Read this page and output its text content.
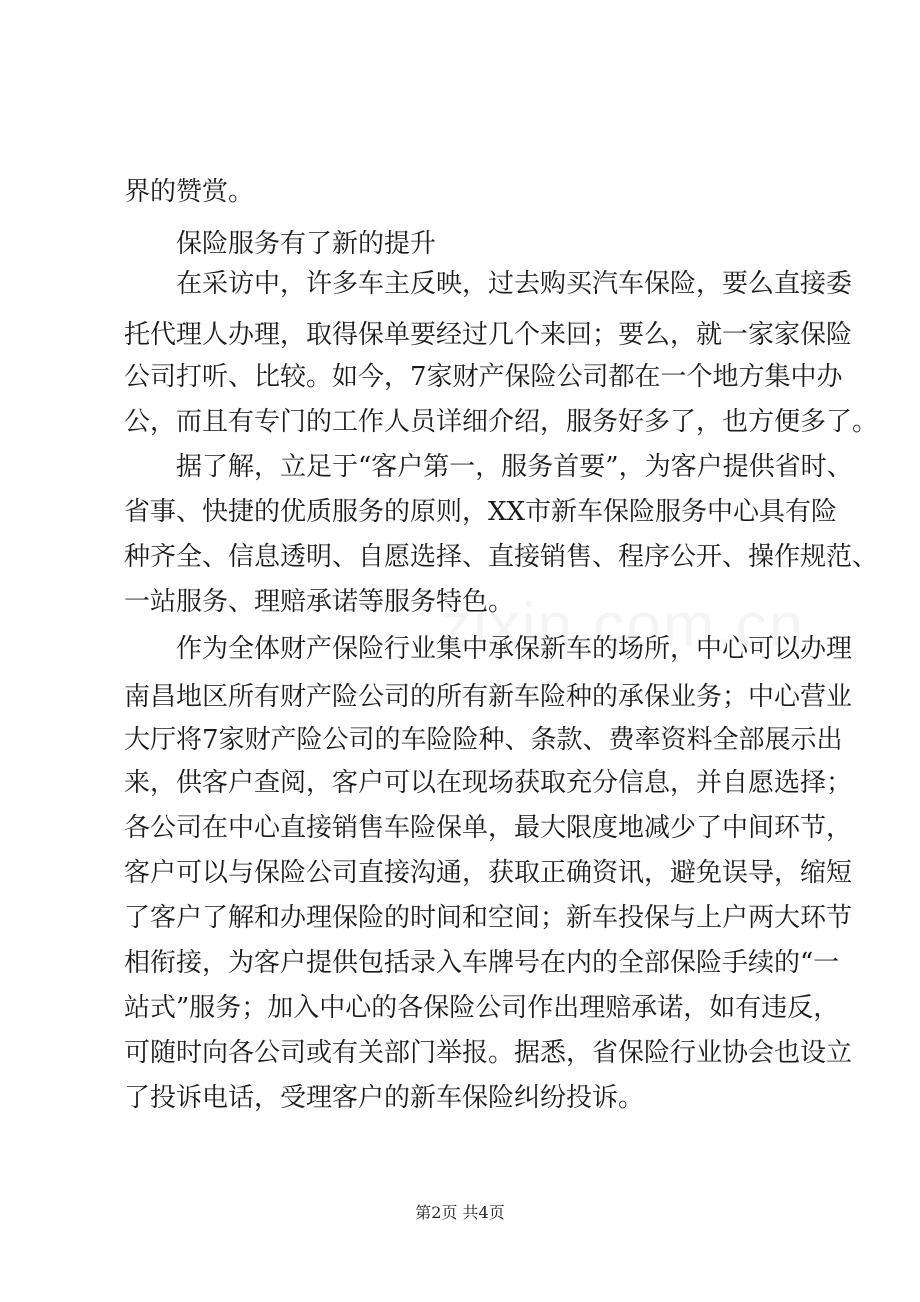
界的赞赏。
保险服务有了新的提升
在采访中，许多车主反映，过去购买汽车保险，要么直接委
托代理人办理，取得保单要经过几个来回；要么，就一家家保险
公司打听、比较。如今，7家财产保险公司都在一个地方集中办
公，而且有专门的工作人员详细介绍，服务好多了，也方便多了。
据了解，立足于“客户第一，服务首要”，为客户提供省时、
省事、快捷的优质服务的原则，XX市新车保险服务中心具有险
种齐全、信息透明、自愿选择、直接销售、程序公开、操作规范、
一站服务、理赔承诺等服务特色。
作为全体财产保险行业集中承保新车的场所，中心可以办理
南昌地区所有财产险公司的所有新车险种的承保业务；中心营业
大厅将7家财产险公司的车险险种、条款、费率资料全部展示出
来，供客户查阅，客户可以在现场获取充分信息，并自愿选择；
各公司在中心直接销售车险保单，最大限度地减少了中间环节，
客户可以与保险公司直接沟通，获取正确资讯，避免误导，缩短
了客户了解和办理保险的时间和空间；新车投保与上户两大环节
相衔接，为客户提供包括录入车牌号在内的全部保险手续的“一
站式”服务；加入中心的各保险公司作出理赔承诺，如有违反，
可随时向各公司或有关部门举报。据悉，省保险行业协会也设立
了投诉电话，受理客户的新车保险纠纷投诉。
第2页 共4页
